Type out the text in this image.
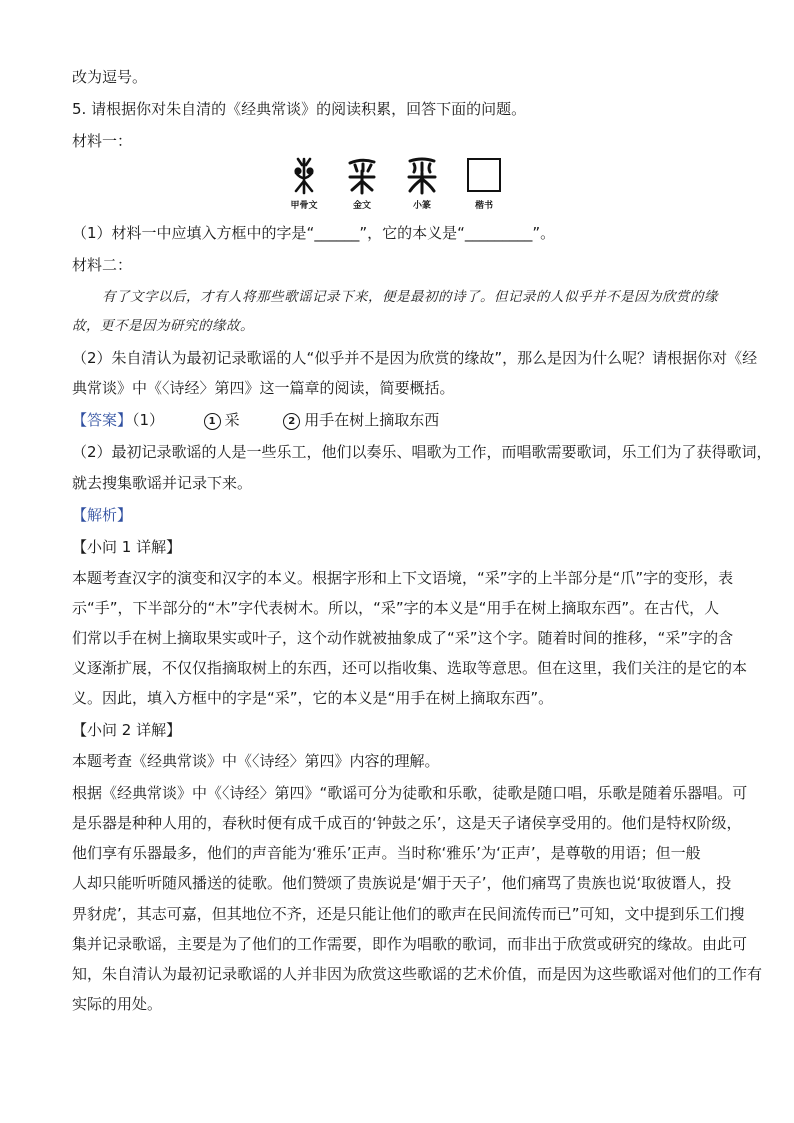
改为逗号。
5. 请根据你对朱自清的《经典常谈》的阅读积累，回答下面的问题。
材料一：
甲骨文	金文	小篆	楷书
（1）材料一中应填入方框中的字是“______”，它的本义是“_________”。
材料二：
有了文字以后，才有人将那些歌谣记录下来，便是最初的诗了。但记录的人似乎并不是因为欣赏的缘
故，更不是因为研究的缘故。
（2）朱自清认为最初记录歌谣的人“似乎并不是因为欣赏的缘故”，那么是因为什么呢？请根据你对《经
典常谈》中《〈诗经〉第四》这一篇章的阅读，简要概括。
【答案】（1）	1 采	2 用手在树上摘取东西
（2）最初记录歌谣的人是一些乐工，他们以奏乐、唱歌为工作，而唱歌需要歌词，乐工们为了获得歌词，
就去搜集歌谣并记录下来。
【解析】
【小问 1 详解】
本题考查汉字的演变和汉字的本义。根据字形和上下文语境，“采”字的上半部分是“爪”字的变形，表
示“手”，下半部分的“木”字代表树木。所以，“采”字的本义是“用手在树上摘取东西”。在古代，人
们常以手在树上摘取果实或叶子，这个动作就被抽象成了“采”这个字。随着时间的推移，“采”字的含
义逐渐扩展，不仅仅指摘取树上的东西，还可以指收集、选取等意思。但在这里，我们关注的是它的本
义。因此，填入方框中的字是“采”，它的本义是“用手在树上摘取东西”。
【小问 2 详解】
本题考查《经典常谈》中《〈诗经〉第四》内容的理解。
根据《经典常谈》中《〈诗经〉第四》“歌谣可分为徒歌和乐歌，徒歌是随口唱，乐歌是随着乐器唱。可
是乐器是种种人用的，春秋时便有成千成百的‘钟鼓之乐’，这是天子诸侯享受用的。他们是特权阶级，
他们享有乐器最多，他们的声音能为‘雅乐’正声。当时称‘雅乐’为‘正声’，是尊敬的用语；但一般
人却只能听听随风播送的徒歌。他们赞颂了贵族说是‘媚于天子’，他们痛骂了贵族也说‘取彼谮人，投
畀豺虎’，其志可嘉，但其地位不齐，还是只能让他们的歌声在民间流传而已”可知，文中提到乐工们搜
集并记录歌谣，主要是为了他们的工作需要，即作为唱歌的歌词，而非出于欣赏或研究的缘故。由此可
知，朱自清认为最初记录歌谣的人并非因为欣赏这些歌谣的艺术价值，而是因为这些歌谣对他们的工作有
实际的用处。
